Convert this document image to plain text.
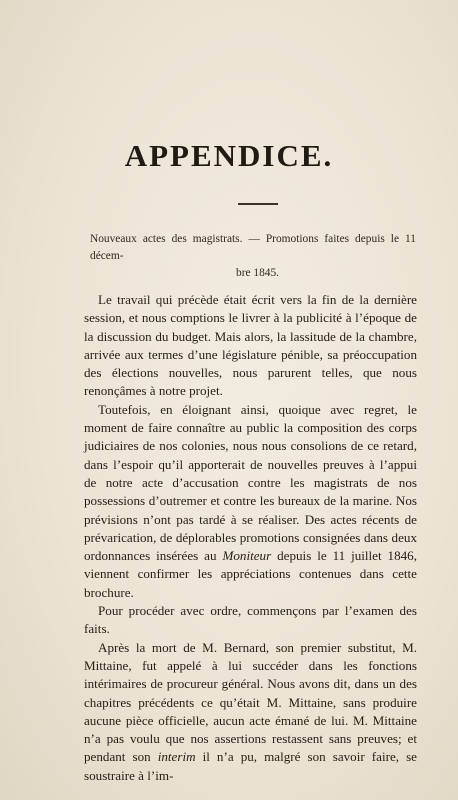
APPENDICE.
Nouveaux actes des magistrats. — Promotions faites depuis le 11 décem-
bre 1845.

Le travail qui précède était écrit vers la fin de la dernière session, et nous comptions le livrer à la publicité à l’époque de la discussion du budget. Mais alors, la lassitude de la chambre, arrivée aux termes d’une législature pénible, sa préoccupation des élections nouvelles, nous parurent telles, que nous renonçâmes à notre projet.

Toutefois, en éloignant ainsi, quoique avec regret, le moment de faire connaître au public la composition des corps judiciaires de nos colonies, nous nous consolions de ce retard, dans l’espoir qu’il apporterait de nouvelles preuves à l’appui de notre acte d’accusation contre les magistrats de nos possessions d’outremer et contre les bureaux de la marine. Nos prévisions n’ont pas tardé à se réaliser. Des actes récents de prévarication, de déplorables promotions consignées dans deux ordonnances insérées au Moniteur depuis le 11 juillet 1846, viennent confirmer les appréciations contenues dans cette brochure.

Pour procéder avec ordre, commençons par l’examen des faits.

Après la mort de M. Bernard, son premier substitut, M. Mittaine, fut appelé à lui succéder dans les fonctions intérimaires de procureur général. Nous avons dit, dans un des chapitres précédents ce qu’était M. Mittaine, sans produire aucune pièce officielle, aucun acte émané de lui. M. Mittaine n’a pas voulu que nos assertions restassent sans preuves; et pendant son interim il n’a pu, malgré son savoir faire, se soustraire à l’im-
